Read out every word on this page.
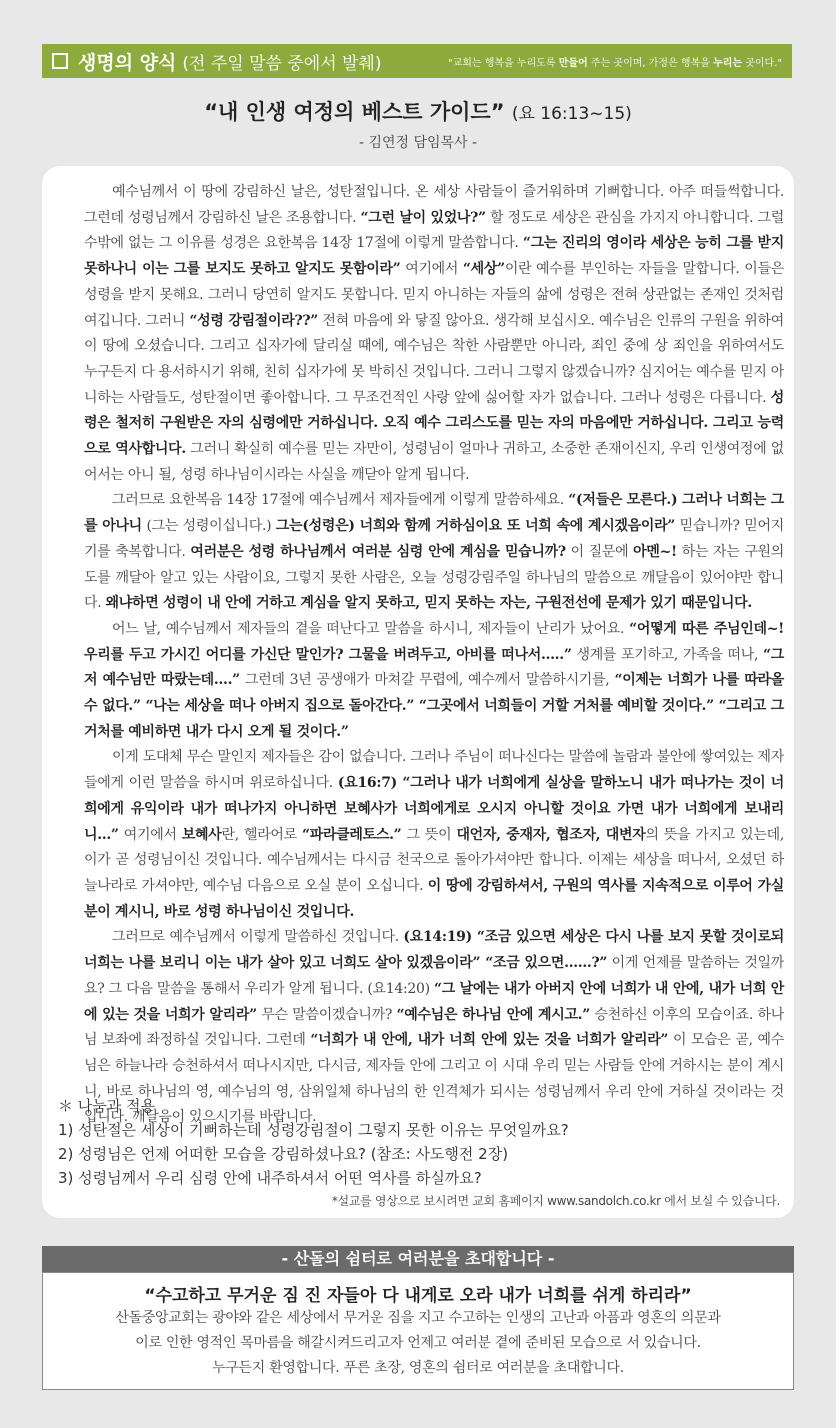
생명의 양식 (전 주일 말씀 중에서 발췌)	"교회는 행복을 누리도록 만들어 주는 곳이며, 가정은 행복을 누리는 곳이다."
“내 인생 여정의 베스트 가이드” (요 16:13~15)
- 김연정 담임목사 -

예수님께서 이 땅에 강림하신 날은, 성탄절입니다. 온 세상 사람들이 즐거워하며 기뻐합니다. 아주 떠들썩합니다. 그런데 성령님께서 강림하신 날은 조용합니다. “그런 날이 있었나?” 할 정도로 세상은 관심을 가지지 아니합니다. 그럴 수밖에 없는 그 이유를 성경은 요한복음 14장 17절에 이렇게 말씀합니다. “그는 진리의 영이라 세상은 능히 그를 받지 못하나니 이는 그를 보지도 못하고 알지도 못함이라” 여기에서 “세상”이란 예수를 부인하는 자들을 말합니다. 이들은 성령을 받지 못해요. 그러니 당연히 알지도 못합니다. 믿지 아니하는 자들의 삶에 성령은 전혀 상관없는 존재인 것처럼 여깁니다. 그러니 “성령 강림절이라??” 전혀 마음에 와 닿질 않아요. 생각해 보십시오. 예수님은 인류의 구원을 위하여 이 땅에 오셨습니다. 그리고 십자가에 달리실 때에, 예수님은 착한 사람뿐만 아니라, 죄인 중에 상 죄인을 위하여서도 누구든지 다 용서하시기 위해, 친히 십자가에 못 박히신 것입니다. 그러니 그렇지 않겠습니까? 심지어는 예수를 믿지 아니하는 사람들도, 성탄절이면 좋아합니다. 그 무조건적인 사랑 앞에 싫어할 자가 없습니다. 그러나 성령은 다릅니다. 성령은 철저히 구원받은 자의 심령에만 거하십니다. 오직 예수 그리스도를 믿는 자의 마음에만 거하십니다. 그리고 능력으로 역사합니다. 그러니 확실히 예수를 믿는 자만이, 성령님이 얼마나 귀하고, 소중한 존재이신지, 우리 인생여정에 없어서는 아니 될, 성령 하나님이시라는 사실을 깨닫아 알게 됩니다.

그러므로 요한복음 14장 17절에 예수님께서 제자들에게 이렇게 말씀하세요. “(저들은 모른다.) 그러나 너희는 그를 아나니 (그는 성령이십니다.) 그는(성령은) 너희와 함께 거하심이요 또 너희 속에 계시겠음이라” 믿습니까? 믿어지기를 축복합니다. 여러분은 성령 하나님께서 여러분 심령 안에 계심을 믿습니까? 이 질문에 아멘~! 하는 자는 구원의 도를 깨달아 알고 있는 사람이요, 그렇지 못한 사람은, 오늘 성령강림주일 하나님의 말씀으로 깨달음이 있어야만 합니다. 왜냐하면 성령이 내 안에 거하고 계심을 알지 못하고, 믿지 못하는 자는, 구원전선에 문제가 있기 때문입니다.

어느 날, 예수님께서 제자들의 곁을 떠난다고 말씀을 하시니, 제자들이 난리가 났어요. “어떻게 따른 주님인데~! 우리를 두고 가시긴 어디를 가신단 말인가? 그물을 버려두고, 아비를 떠나서…..” 생계를 포기하고, 가족을 떠나, “그저 예수님만 따랐는데….” 그런데 3년 공생애가 마쳐갈 무렵에, 예수께서 말씀하시기를, “이제는 너희가 나를 따라올 수 없다.” “나는 세상을 떠나 아버지 집으로 돌아간다.” “그곳에서 너희들이 거할 거처를 예비할 것이다.” “그리고 그 거처를 예비하면 내가 다시 오게 될 것이다.”

이게 도대체 무슨 말인지 제자들은 감이 없습니다. 그러나 주님이 떠나신다는 말씀에 놀람과 불안에 쌓여있는 제자들에게 이런 말씀을 하시며 위로하십니다. (요16:7) “그러나 내가 너희에게 실상을 말하노니 내가 떠나가는 것이 너희에게 유익이라 내가 떠나가지 아니하면 보혜사가 너희에게로 오시지 아니할 것이요 가면 내가 너희에게 보내리니…” 여기에서 보혜사란, 헬라어로 “파라클레토스.” 그 뜻이 대언자, 중재자, 협조자, 대변자의 뜻을 가지고 있는데, 이가 곧 성령님이신 것입니다. 예수님께서는 다시금 천국으로 돌아가셔야만 합니다. 이제는 세상을 떠나서, 오셨던 하늘나라로 가셔야만, 예수님 다음으로 오실 분이 오십니다. 이 땅에 강림하셔서, 구원의 역사를 지속적으로 이루어 가실 분이 계시니, 바로 성령 하나님이신 것입니다.

그러므로 예수님께서 이렇게 말씀하신 것입니다. (요14:19) “조금 있으면 세상은 다시 나를 보지 못할 것이로되 너희는 나를 보리니 이는 내가 살아 있고 너희도 살아 있겠음이라” “조금 있으면……?” 이게 언제를 말씀하는 것일까요? 그 다음 말씀을 통해서 우리가 알게 됩니다. (요14:20) “그 날에는 내가 아버지 안에 너희가 내 안에, 내가 너희 안에 있는 것을 너희가 알리라” 무슨 말씀이겠습니까? “예수님은 하나님 안에 계시고.” 승천하신 이후의 모습이죠. 하나님 보좌에 좌정하실 것입니다. 그런데 “너희가 내 안에, 내가 너희 안에 있는 것을 너희가 알리라” 이 모습은 곧, 예수님은 하늘나라 승천하셔서 떠나시지만, 다시금, 제자들 안에 그리고 이 시대 우리 믿는 사람들 안에 거하시는 분이 계시니, 바로 하나님의 영, 예수님의 영, 삼위일체 하나님의 한 인격체가 되시는 성령님께서 우리 안에 거하실 것이라는 것입니다. 깨달음이 있으시기를 바랍니다.

＊ 나눔과 적용
1) 성탄절은 세상이 기뻐하는데 성령강림절이 그렇지 못한 이유는 무엇일까요?
2) 성령님은 언제 어떠한 모습을 강림하셨나요? (참조: 사도행전 2장)
3) 성령님께서 우리 심령 안에 내주하셔서 어떤 역사를 하실까요?
*설교를 영상으로 보시려면 교회 홈페이지 www.sandolch.co.kr 에서 보실 수 있습니다.
- 산돌의 쉼터로 여러분을 초대합니다 -
“수고하고 무거운 짐 진 자들아 다 내게로 오라 내가 너희를 쉬게 하리라”
산돌중앙교회는 광야와 같은 세상에서 무거운 짐을 지고 수고하는 인생의 고난과 아픔과 영혼의 의문과
이로 인한 영적인 목마름을 해갈시켜드리고자 언제고 여러분 곁에 준비된 모습으로 서 있습니다.
누구든지 환영합니다. 푸른 초장, 영혼의 쉼터로 여러분을 초대합니다.
